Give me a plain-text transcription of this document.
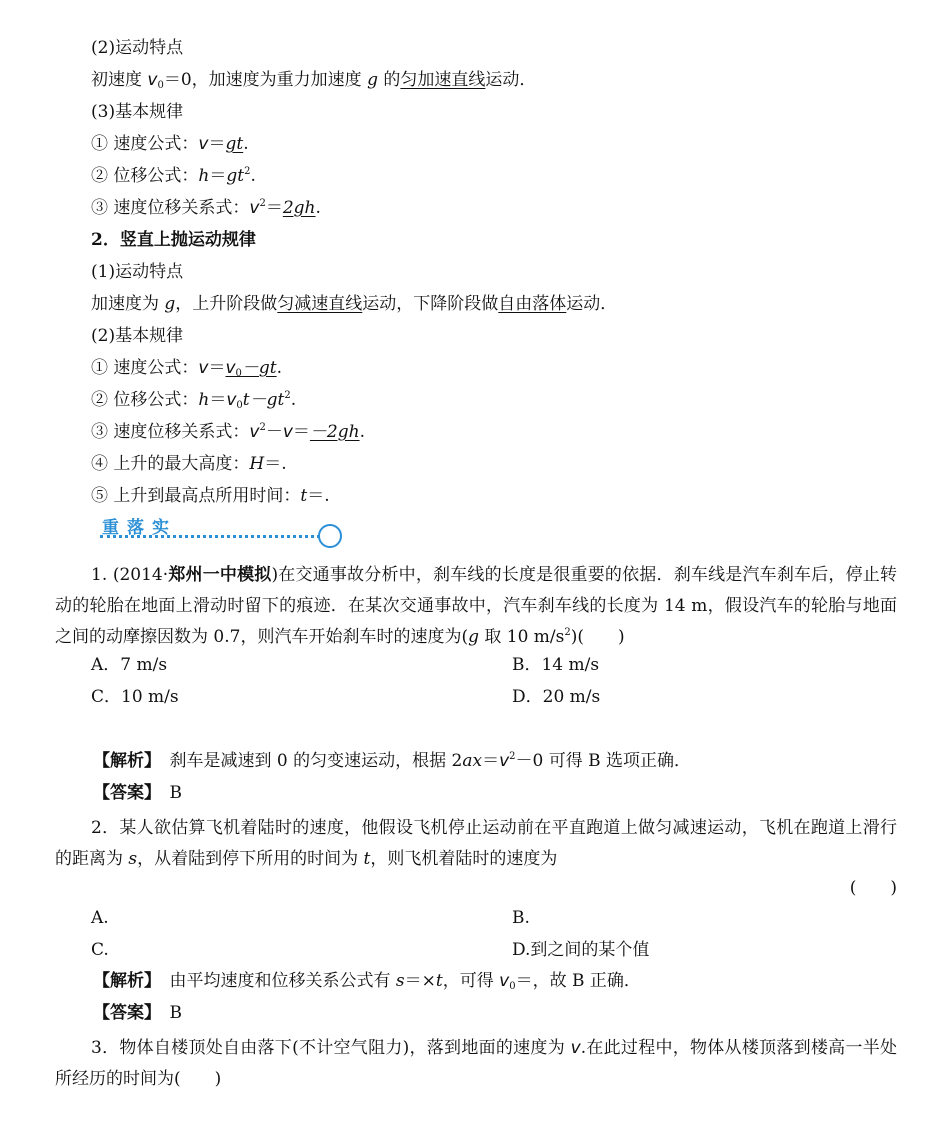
(2)运动特点
初速度 $v_0=0$，加速度为重力加速度 g 的匀加速直线运动．
(3)基本规律
① 速度公式：v＝gt.
② 位移公式：$h=gt^2$.
③ 速度位移关系式：$v^2=2gh$.
2．竖直上抛运动规律
(1)运动特点
加速度为 g，上升阶段做匀减速直线运动，下降阶段做自由落体运动．
(2)基本规律
① 速度公式：$v=v_0-gt$.
② 位移公式：$h=v_0t-gt^2$.
③ 速度位移关系式：$v^2-v=-2gh$.
④ 上升的最大高度：H＝.
⑤ 上升到最高点所用时间：t＝.
重落实
1. (2014·郑州一中模拟)在交通事故分析中，刹车线的长度是很重要的依据．刹车线是汽车刹车后，停止转动的轮胎在地面上滑动时留下的痕迹．在某次交通事故中，汽车刹车线的长度为 14 m，假设汽车的轮胎与地面之间的动摩擦因数为 0.7，则汽车开始刹车时的速度为(g 取 10 $m/s^2$)(　　)
A．7 m/s	B．14 m/s
C．10 m/s	D．20 m/s
【解析】　刹车是减速到 0 的匀变速运动，根据 $2ax=v^2-0$ 可得 B 选项正确．
【答案】　B
2．某人欲估算飞机着陆时的速度，他假设飞机停止运动前在平直跑道上做匀减速运动，飞机在跑道上滑行的距离为 s，从着陆到停下所用的时间为 t，则飞机着陆时的速度为
(　　)
A.	B.
C.	D.到之间的某个值
【解析】　由平均速度和位移关系公式有 s＝×t，可得 $v_0=$，故 B 正确．
【答案】　B
3．物体自楼顶处自由落下(不计空气阻力)，落到地面的速度为 v.在此过程中，物体从楼顶落到楼高一半处所经历的时间为(　　)
